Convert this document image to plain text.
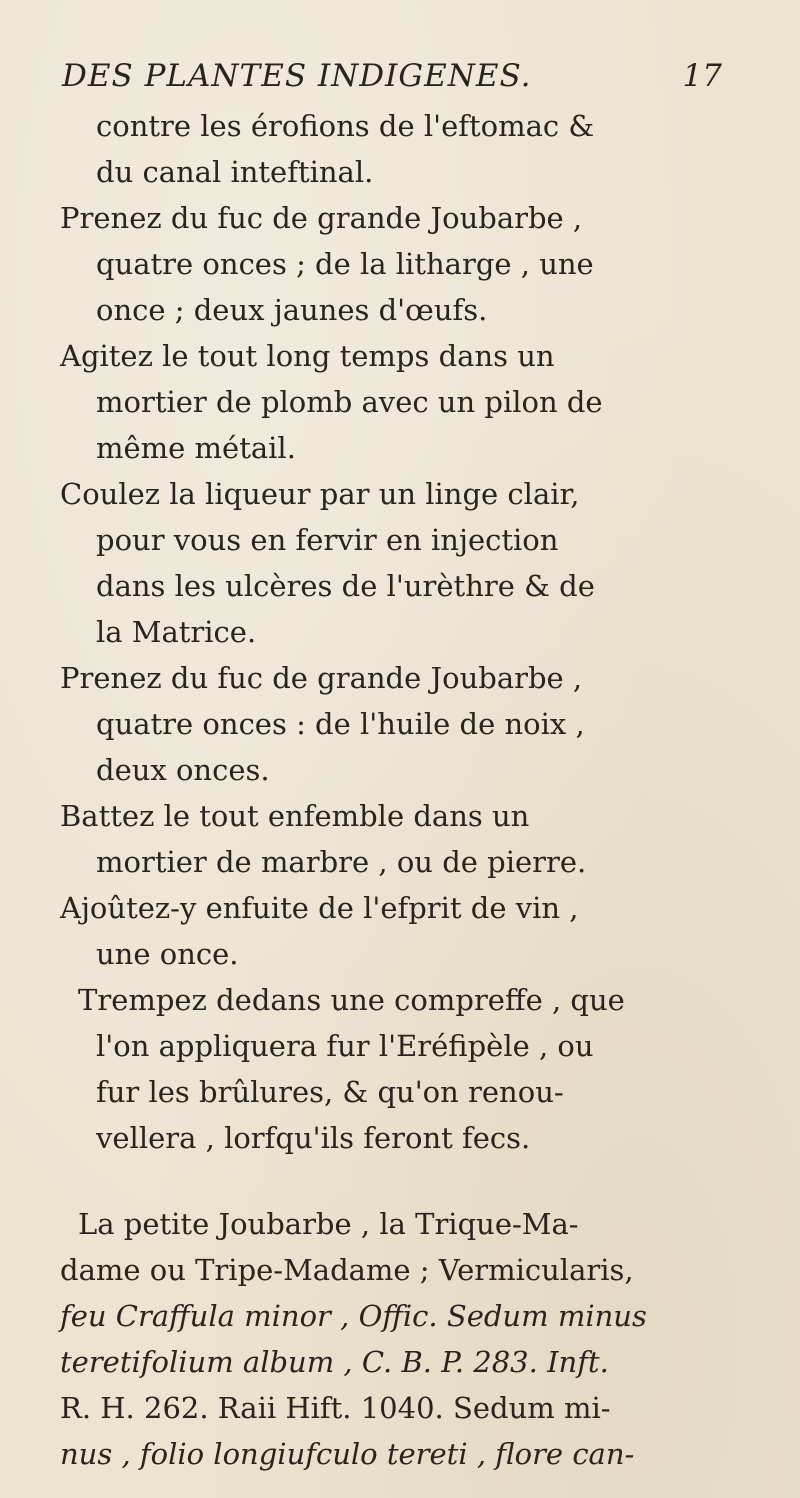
DES PLANTES INDIGENES.	17
contre les érofions de l'eftomac &
du canal inteftinal.
Prenez du fuc de grande Joubarbe ,
quatre onces ; de la litharge , une
once ; deux jaunes d'œufs.
Agitez le tout long temps dans un
mortier de plomb avec un pilon de
même métail.
Coulez la liqueur par un linge clair,
pour vous en fervir en injection
dans les ulcères de l'urèthre & de
la Matrice.
Prenez du fuc de grande Joubarbe ,
quatre onces : de l'huile de noix ,
deux onces.
Battez le tout enfemble dans un
mortier de marbre , ou de pierre.
Ajoûtez-y enfuite de l'efprit de vin ,
une once.
Trempez dedans une compreffe , que
l'on appliquera fur l'Eréfipèle , ou
fur les brûlures, & qu'on renou-
vellera , lorfqu'ils feront fecs.
La petite Joubarbe , la Trique-Ma-
dame ou Tripe-Madame ; Vermicularis,
feu Craffula minor , Offic. Sedum minus
teretifolium album , C. B. P. 283. Inft.
R. H. 262. Raii Hift. 1040. Sedum mi-
nus , folio longiufculo tereti , flore can-
